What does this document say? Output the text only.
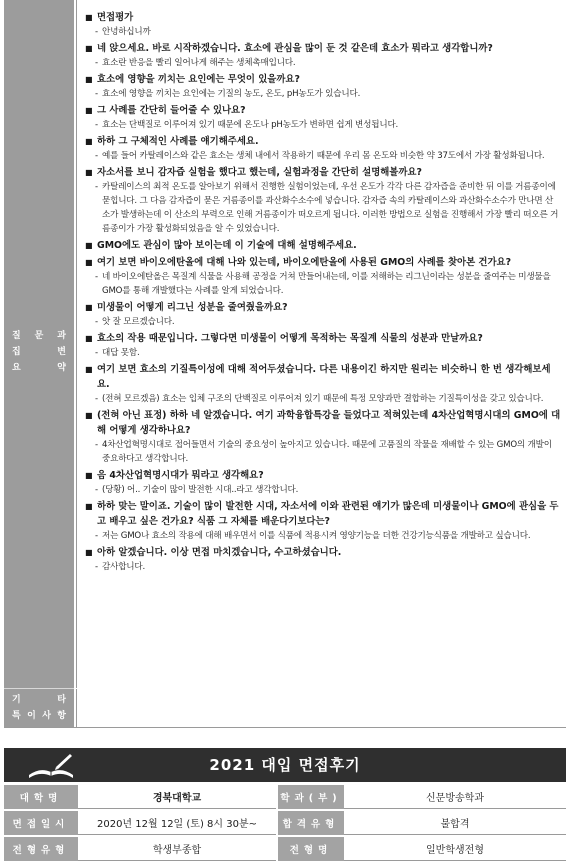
질 문 과
집	변
요	약
■ 면접평가
- 안녕하십니까
■ 네 앉으세요. 바로 시작하겠습니다. 효소에 관심을 많이 둔 것 같은데 효소가 뭐라고 생각합니까?
- 효소란 반응을 빨리 일어나게 해주는 생체촉매입니다.
■ 효소에 영향을 끼치는 요인에는 무엇이 있을까요?
- 효소에 영향을 끼치는 요인에는 기질의 농도, 온도, pH농도가 있습니다.
■ 그 사례를 간단히 들어줄 수 있나요?
- 효소는 단백질로 이루어져 있기 때문에 온도나 pH농도가 변하면 쉽게 변성됩니다.
■ 하하 그 구체적인 사례를 얘기해주세요.
- 예를 들어 카탈레이스와 같은 효소는 생체 내에서 작용하기 때문에 우리 몸 온도와 비슷한 약 37도에서 가장 활성화됩니다.
■ 자소서를 보니 감자즙 실험을 했다고 했는데, 실험과정을 간단히 설명해볼까요?
- 카탈레이스의 최적 온도를 알아보기 위해서 진행한 실험이었는데, 우선 온도가 각각 다른 감자즙을 준비한 뒤 이를 거름종이에 묻힙니다. 그 다음 감자즙이 묻은 거름종이를 과산화수소수에 넣습니다. 감자즙 속의 카탈레이스와 과산화수소수가 만나면 산소가 발생하는데 이 산소의 부력으로 인해 거름종이가 떠오르게 됩니다. 이러한 방법으로 실험을 진행해서 가장 빨리 떠오른 거름종이가 가장 활성화되었음을 알 수 있었습니다.
■ GMO에도 관심이 많아 보이는데 이 기술에 대해 설명해주세요.
■ 여기 보면 바이오에탄올에 대해 나와 있는데, 바이오에탄올에 사용된 GMO의 사례를 찾아본 건가요?
- 네 바이오에탄올은 목질계 식물을 사용해 공정을 거쳐 만들어내는데, 이를 저해하는 리그닌이라는 성분을 줄여주는 미생물을 GMO를 통해 개발했다는 사례를 알게 되었습니다.
■ 미생물이 어떻게 리그닌 성분을 줄여줬을까요?
- 앗 잘 모르겠습니다.
■ 효소의 작용 때문입니다. 그렇다면 미생물이 어떻게 목적하는 목질계 식물의 성분과 만날까요?
- 대답 못함.
■ 여기 보면 효소의 기질특이성에 대해 적어두셨습니다. 다른 내용이긴 하지만 원리는 비슷하니 한 번 생각해보세요.
- (전혀 모르겠음) 효소는 입체 구조의 단백질로 이루어져 있기 때문에 특정 모양과만 결합하는 기질특이성을 갖고 있습니다.
■ (전혀 아닌 표정) 하하 네 알겠습니다. 여기 과학융합특강을 들었다고 적혀있는데 4차산업혁명시대의 GMO에 대해 어떻게 생각하나요?
- 4차산업혁명시대로 접어들면서 기술의 중요성이 높아지고 있습니다. 때문에 고품질의 작물을 재배할 수 있는 GMO의 개발이 중요하다고 생각합니다.
■ 음 4차산업혁명시대가 뭐라고 생각해요?
- (당황) 어.. 기술이 많이 발전한 시대..라고 생각합니다.
■ 하하 맞는 말이죠. 기술이 많이 발전한 시대, 자소서에 이와 관련된 얘기가 많은데 미생물이나 GMO에 관심을 두고 배우고 싶은 건가요? 식품 그 자체를 배운다기보다는?
- 저는 GMO나 효소의 작용에 대해 배우면서 이를 식품에 적용시켜 영양기능을 더한 건강기능식품을 개발하고 싶습니다.
■ 아하 알겠습니다. 이상 면접 마치겠습니다, 수고하셨습니다.
- 감사합니다.
기	타
특 이 사 항
2021 대입 면접후기
대학명	경북대학교	학과(부)	신문방송학과
면접일시	2020년 12월 12일 (토) 8시 30분~	합격유형	불합격
전형유형	학생부종합	전형명	일반학생전형
